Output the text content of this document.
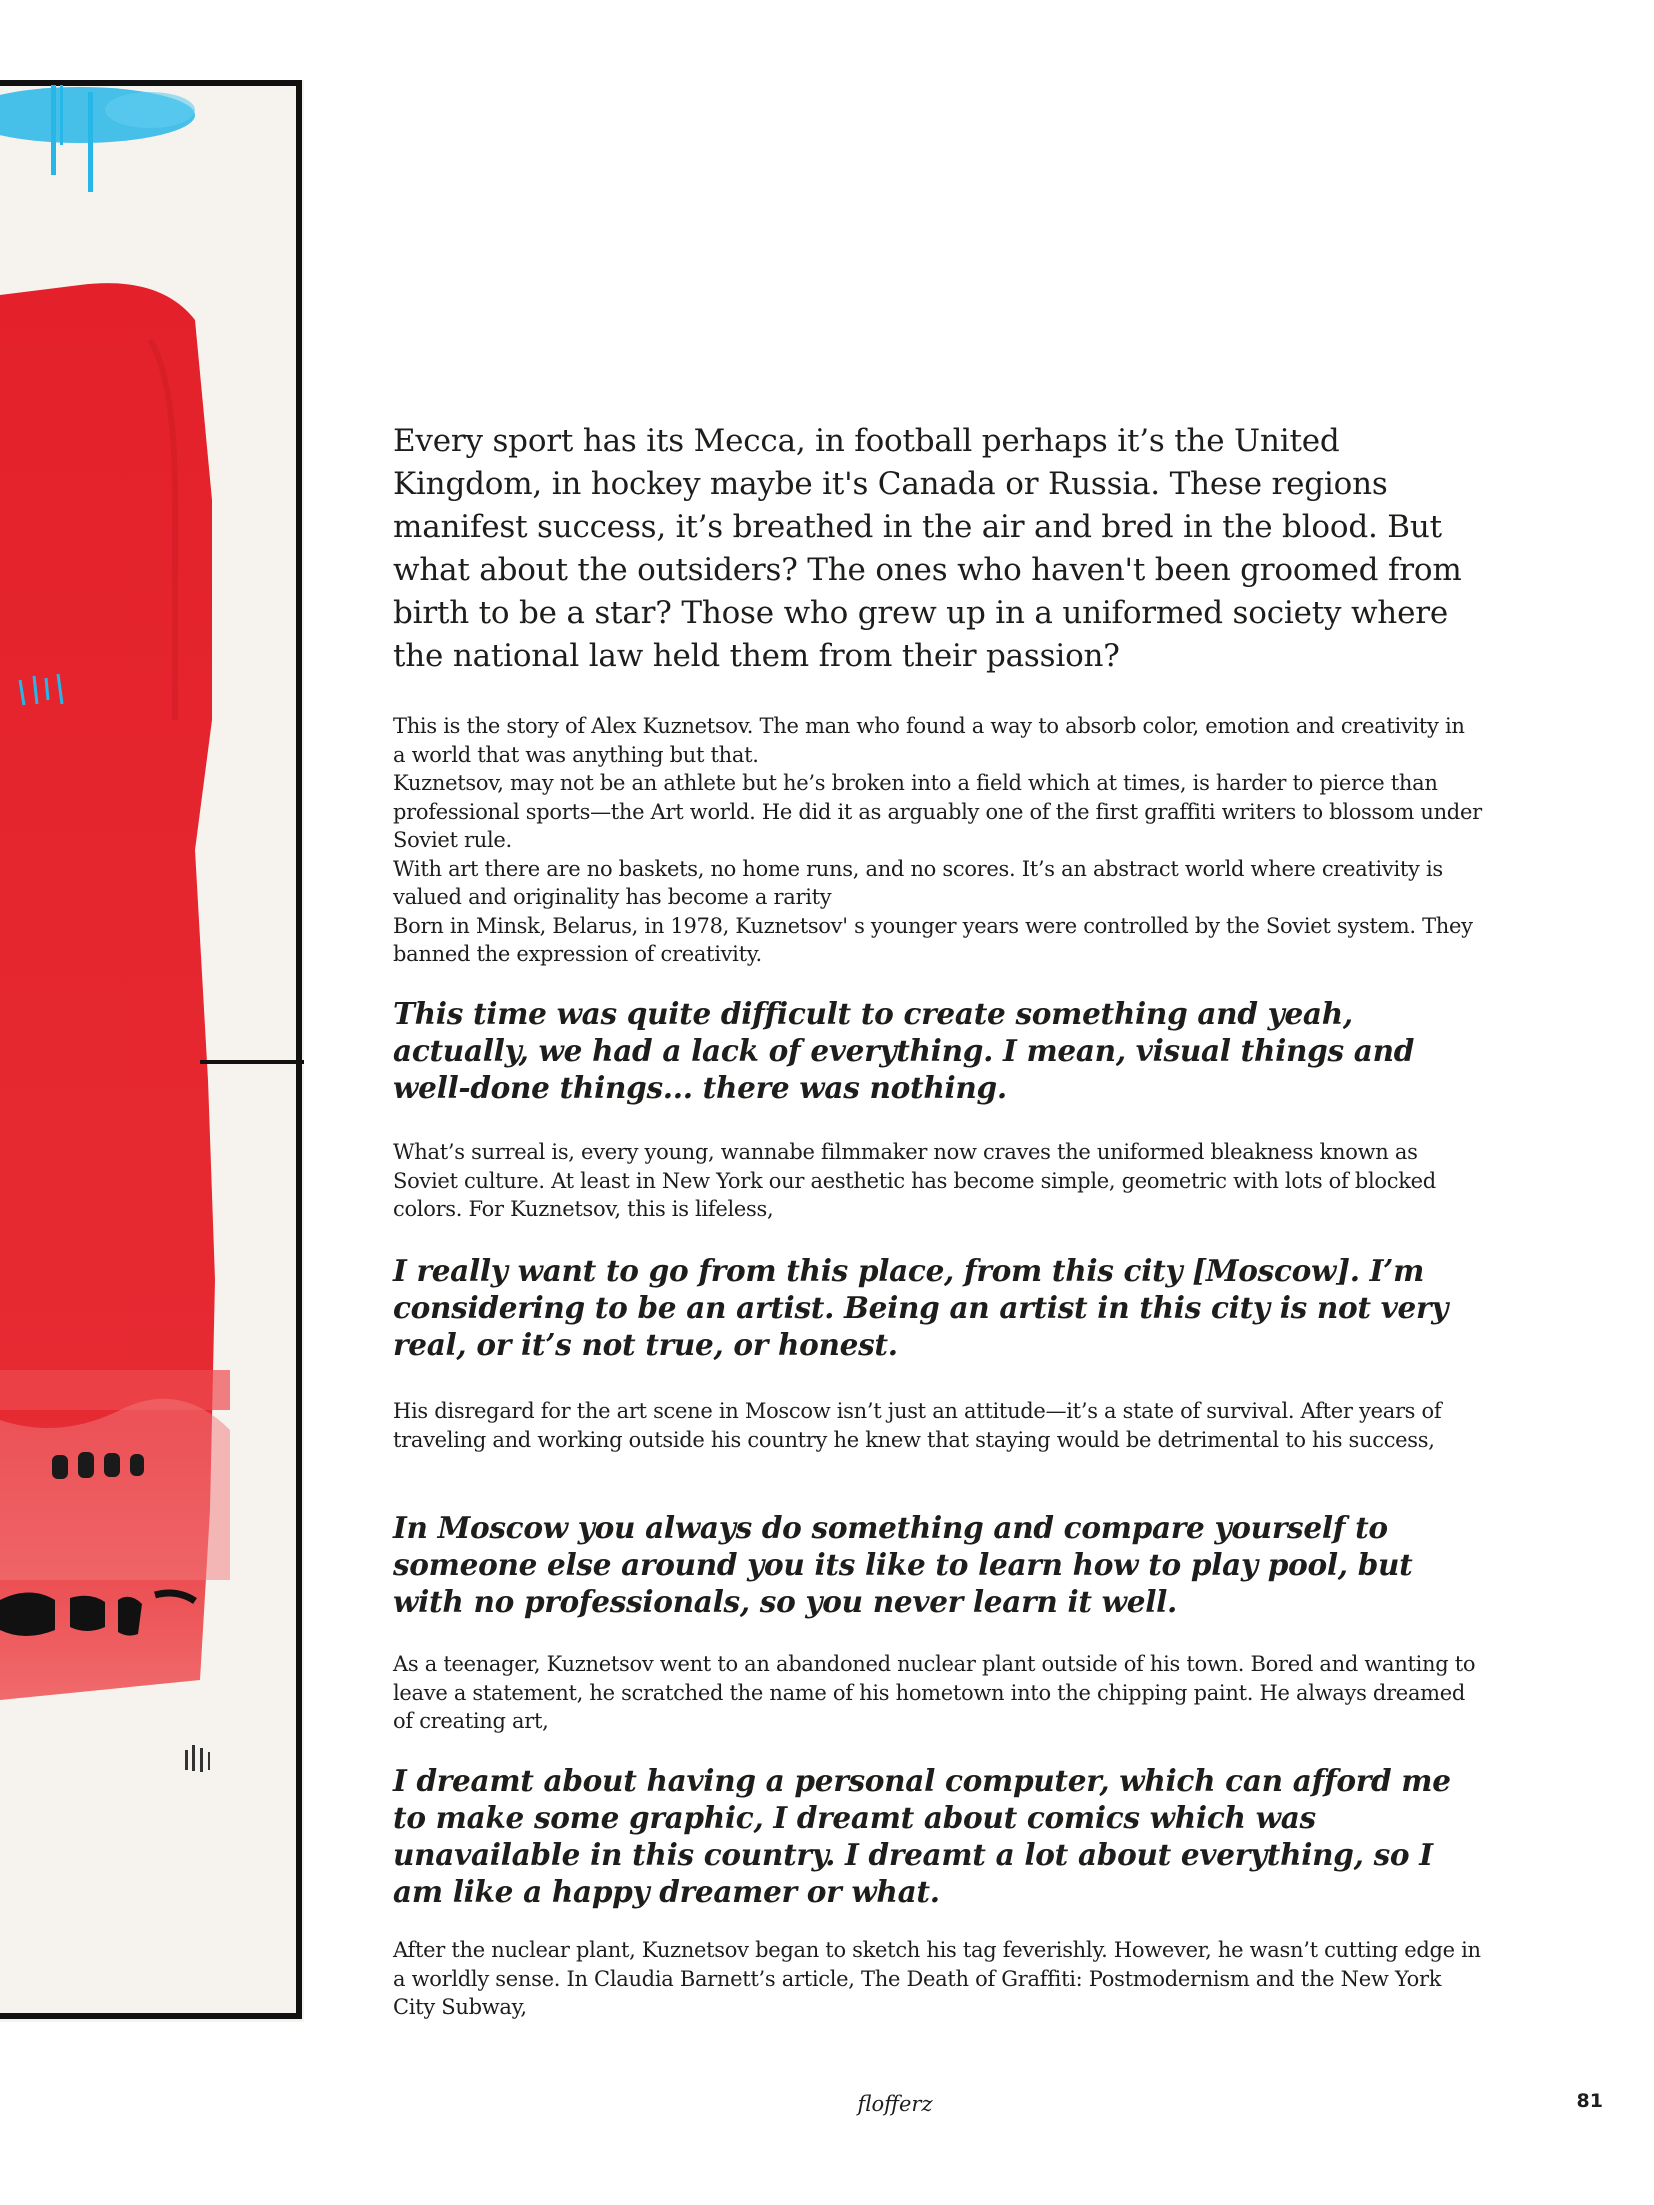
Every sport has its Mecca, in football perhaps it’s the United Kingdom, in hockey maybe it's Canada or Russia. These regions manifest success, it’s breathed in the air and bred in the blood. But what about the outsiders? The ones who haven't been groomed from birth to be a star? Those who grew up in a uniformed society where the national law held them from their passion?

This is the story of Alex Kuznetsov. The man who found a way to absorb color, emotion and creativity in a world that was anything but that.

Kuznetsov, may not be an athlete but he’s broken into a field which at times, is harder to pierce than professional sports—the Art world. He did it as arguably one of the first graffiti writers to blossom under Soviet rule.

With art there are no baskets, no home runs, and no scores. It’s an abstract world where creativity is valued and originality has become a rarity

Born in Minsk, Belarus, in 1978, Kuznetsov' s younger years were controlled by the Soviet system. They banned the expression of creativity.

This time was quite difficult to create something and yeah, actually, we had a lack of everything. I mean, visual things and well-done things... there was nothing.

What’s surreal is, every young, wannabe filmmaker now craves the uniformed bleakness known as Soviet culture. At least in New York our aesthetic has become simple, geometric with lots of blocked colors. For Kuznetsov, this is lifeless,

I really want to go from this place, from this city [Moscow]. I’m considering to be an artist. Being an artist in this city is not very real, or it’s not true, or honest.

His disregard for the art scene in Moscow isn’t just an attitude—it’s a state of survival. After years of traveling and working outside his country he knew that staying would be detrimental to his success,

In Moscow you always do something and compare yourself to someone else around you its like to learn how to play pool, but with no professionals, so you never learn it well.

As a teenager, Kuznetsov went to an abandoned nuclear plant outside of his town. Bored and wanting to leave a statement, he scratched the name of his hometown into the chipping paint. He always dreamed of creating art,

I dreamt about having a personal computer, which can afford me to make some graphic, I dreamt about comics which was unavailable in this country. I dreamt a lot about everything, so I am like a happy dreamer or what.

After the nuclear plant, Kuznetsov began to sketch his tag feverishly. However, he wasn’t cutting edge in a worldly sense. In Claudia Barnett’s article, The Death of Graffiti: Postmodernism and the New York City Subway,

flofferz	81
